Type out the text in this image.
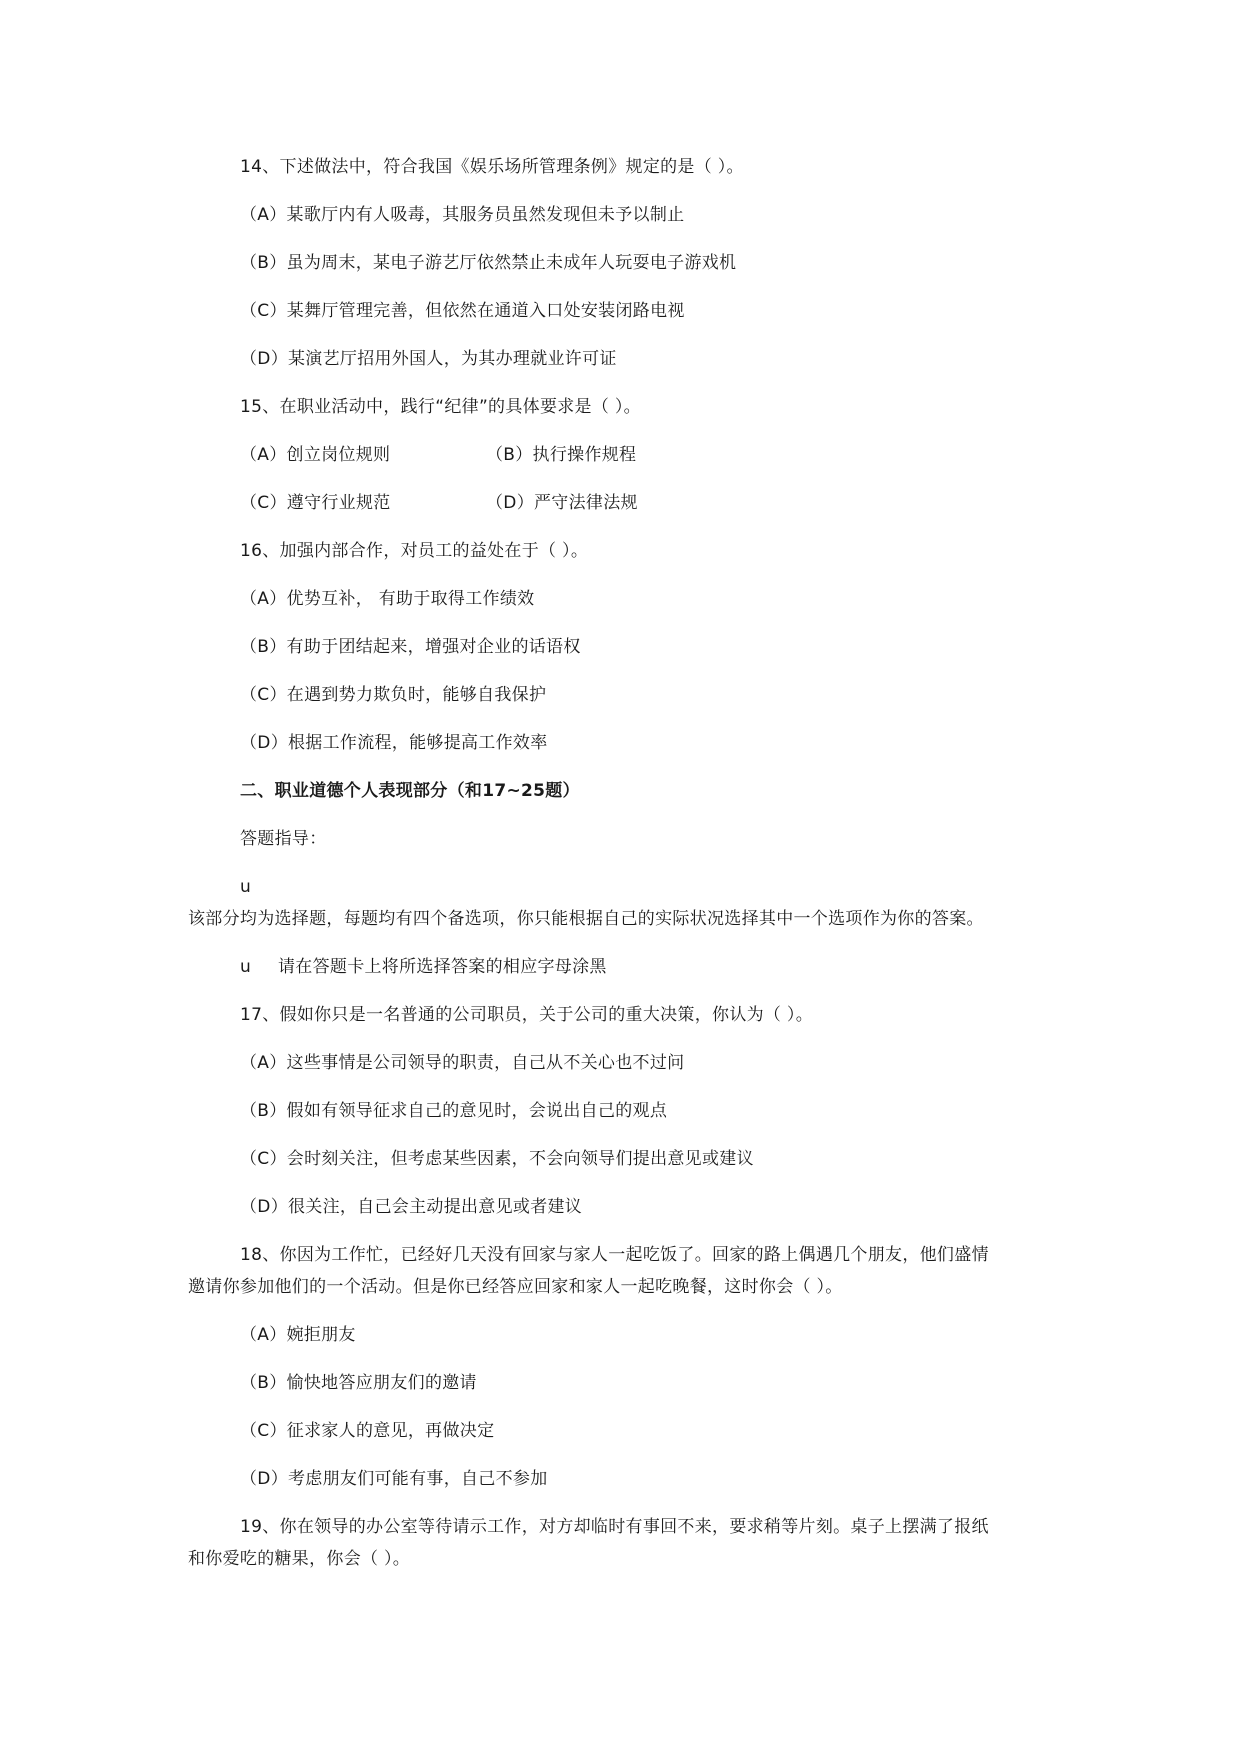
14、下述做法中，符合我国《娱乐场所管理条例》规定的是（ ）。
（A）某歌厅内有人吸毒，其服务员虽然发现但未予以制止
（B）虽为周末，某电子游艺厅依然禁止未成年人玩耍电子游戏机
（C）某舞厅管理完善，但依然在通道入口处安装闭路电视
（D）某演艺厅招用外国人，为其办理就业许可证
15、在职业活动中，践行“纪律”的具体要求是（ ）。
（A）创立岗位规则	（B）执行操作规程
（C）遵守行业规范	（D）严守法律法规
16、加强内部合作，对员工的益处在于（ ）。
（A）优势互补， 有助于取得工作绩效
（B）有助于团结起来，增强对企业的话语权
（C）在遇到势力欺负时，能够自我保护
（D）根据工作流程，能够提高工作效率
二、职业道德个人表现部分（和17~25题）
答题指导：
u
该部分均为选择题，每题均有四个备选项，你只能根据自己的实际状况选择其中一个选项作为你的答案。
u 请在答题卡上将所选择答案的相应字母涂黑
17、假如你只是一名普通的公司职员，关于公司的重大决策，你认为（ ）。
（A）这些事情是公司领导的职责，自己从不关心也不过问
（B）假如有领导征求自己的意见时，会说出自己的观点
（C）会时刻关注，但考虑某些因素，不会向领导们提出意见或建议
（D）很关注，自己会主动提出意见或者建议
18、你因为工作忙，已经好几天没有回家与家人一起吃饭了。回家的路上偶遇几个朋友，他们盛情
邀请你参加他们的一个活动。但是你已经答应回家和家人一起吃晚餐，这时你会（ ）。
（A）婉拒朋友
（B）愉快地答应朋友们的邀请
（C）征求家人的意见，再做决定
（D）考虑朋友们可能有事，自己不参加
19、你在领导的办公室等待请示工作，对方却临时有事回不来，要求稍等片刻。桌子上摆满了报纸
和你爱吃的糖果，你会（ ）。
